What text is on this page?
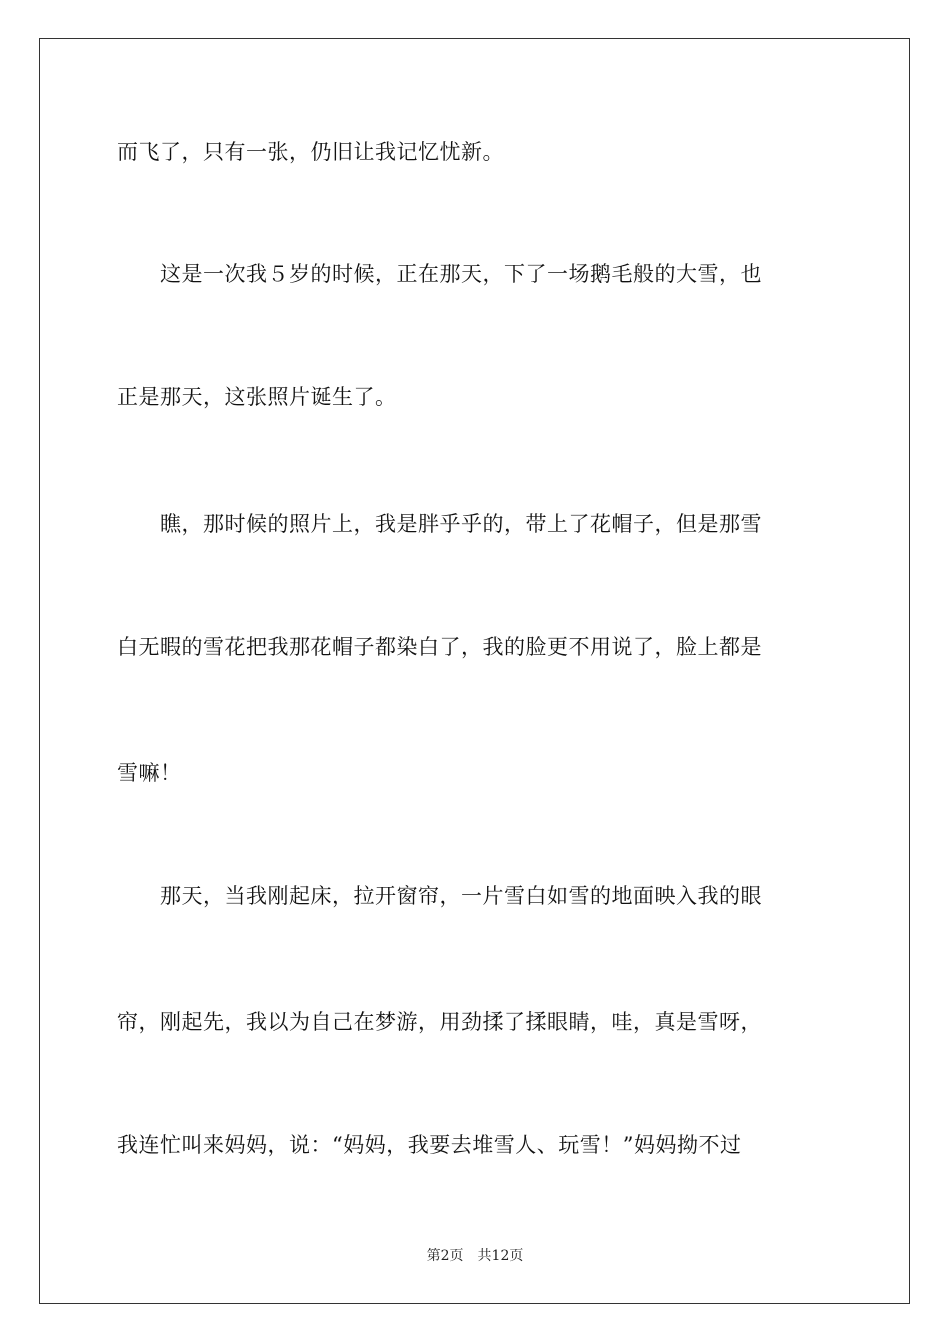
而飞了，只有一张，仍旧让我记忆忧新。
　　这是一次我５岁的时候，正在那天，下了一场鹅毛般的大雪，也
正是那天，这张照片诞生了。
　　瞧，那时候的照片上，我是胖乎乎的，带上了花帽子，但是那雪
白无暇的雪花把我那花帽子都染白了，我的脸更不用说了，脸上都是
雪嘛！
　　那天，当我刚起床，拉开窗帘，一片雪白如雪的地面映入我的眼
帘，刚起先，我以为自己在梦游，用劲揉了揉眼睛，哇，真是雪呀，
我连忙叫来妈妈，说：“妈妈，我要去堆雪人、玩雪！”妈妈拗不过
第2页 共12页
